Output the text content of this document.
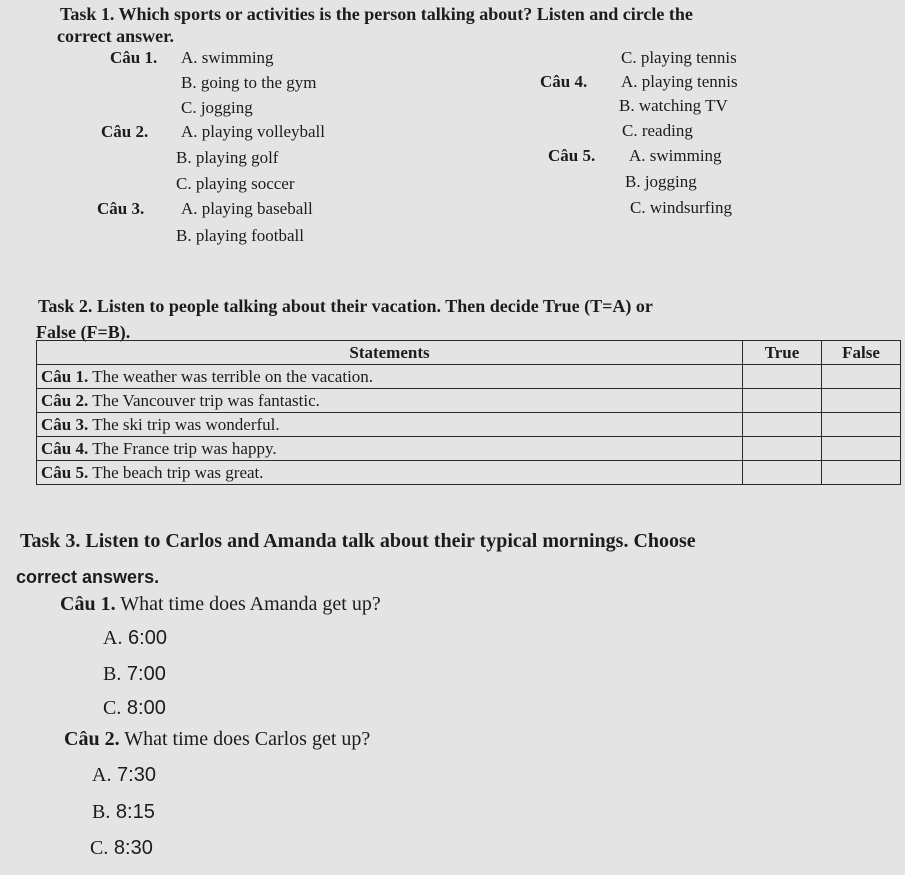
Task 1. Which sports or activities is the person talking about? Listen and circle the
correct answer.
Câu 1. A. swimming
B. going to the gym
C. jogging
Câu 2. A. playing volleyball
B. playing golf
C. playing soccer
Câu 3. A. playing baseball
B. playing football
C. playing tennis
Câu 4. A. playing tennis
B. watching TV
C. reading
Câu 5. A. swimming
B. jogging
C. windsurfing
Task 2. Listen to people talking about their vacation. Then decide True (T=A) or
False (F=B).
Statements	True	False
Câu 1. The weather was terrible on the vacation.		
Câu 2. The Vancouver trip was fantastic.		
Câu 3. The ski trip was wonderful.		
Câu 4. The France trip was happy.		
Câu 5. The beach trip was great.		
Task 3. Listen to Carlos and Amanda talk about their typical mornings. Choose
correct answers.
Câu 1. What time does Amanda get up?
A. 6:00
B. 7:00
C. 8:00
Câu 2. What time does Carlos get up?
A. 7:30
B. 8:15
C. 8:30
